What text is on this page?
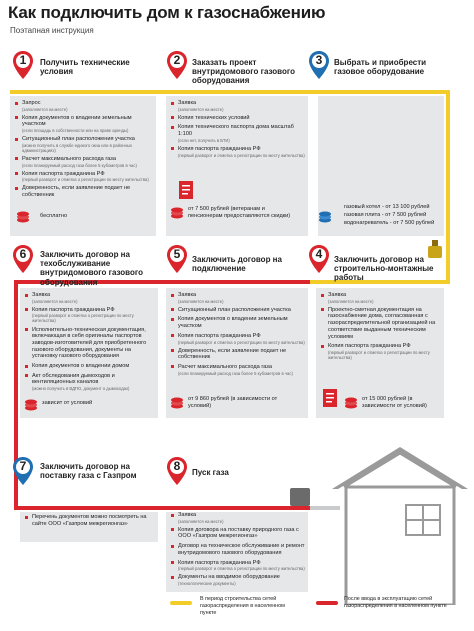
Как подключить дом к газоснабжению
Поэтапная инструкция
1	Получить технические условия
2	Заказать проект внутридомового газового оборудования
3	Выбрать и приобрести газовое оборудование
6	Заключить договор на техобслуживание внутридомового газового оборудования
5	Заключить договор на подключение
4	Заключить договор на строительно-монтажные работы
7	Заключить договор на поставку газа с Газпром
8	Пуск газа
Запрос
(заполняется на месте)
Копия документов о владении земельным участком
(если площадь в собственности или на праве аренды)
Ситуационный план расположения участка
(можно получить в службе единого окна или в районных администрациях)
Расчет максимального расхода газа
(если планируемый расход газа более 5 кубометров в час)
Копия паспорта гражданина РФ
(первый разворот и отметка о регистрации по месту жительства)
Доверенность, если заявление подает не собственник
Заявка
(заполняется на месте)
Копия технических условий
Копия технического паспорта дома масштаб 1:100
(если нет, получить в БТИ)
Копия паспорта гражданина РФ
(первый разворот и отметка о регистрации по месту жительства)
Заявка
(заполняется на месте)
Копия паспорта гражданина РФ
(первый разворот и отметка о регистрации по месту жительства)
Исполнительно-техническая документация, включающая в себя оригиналы паспортов заводов-изготовителей для приобретенного газового оборудования, документы на установку газового оборудования
Копия документов о владении домом
Акт обследования дымоходов и вентиляционных каналов
(можно получить в ВДПО, документ о дымоходах)
Заявка
(заполняется на месте)
Ситуационный план расположения участка
Копия документов о владении земельным участком
Копия паспорта гражданина РФ
(первый разворот и отметка о регистрации по месту жительства)
Доверенность, если заявление подает не собственник
Расчет максимального расхода газа
(если планируемый расход газа более 5 кубометров в час)
Заявка
(заполняется на месте)
Проектно-сметная документация на газоснабжение дома, согласованная с газораспределительной организацией на соответствие выданным техническим условиям
Копия паспорта гражданина РФ
(первый разворот и отметка о регистрации по месту жительства)
Перечень документов можно посмотреть на сайте ООО «Газпром межрегионгаз»
Заявка
(заполняется на месте)
Копия договора на поставку природного газа с ООО «Газпром межрегионгаз»
Договор на техническое обслуживание и ремонт внутридомового газового оборудования
Копия паспорта гражданина РФ
(первый разворот и отметка о регистрации по месту жительства)
Документы на вводимое оборудование
(технологические документы)
бесплатно
от 7 500 рублей (ветеранам и пенсионерам предоставляются скидки)
газовый котел - от 13 100 рублей
газовая плита - от 7 500 рублей
водонагреватель - от 7 500 рублей
зависит от условий
от 9 860 рублей (в зависимости от условий)
от 15 000 рублей (в зависимости от условий)
В период строительства сетей газораспределения в населенном пункте
После ввода в эксплуатацию сетей газораспределения в населенном пункте
